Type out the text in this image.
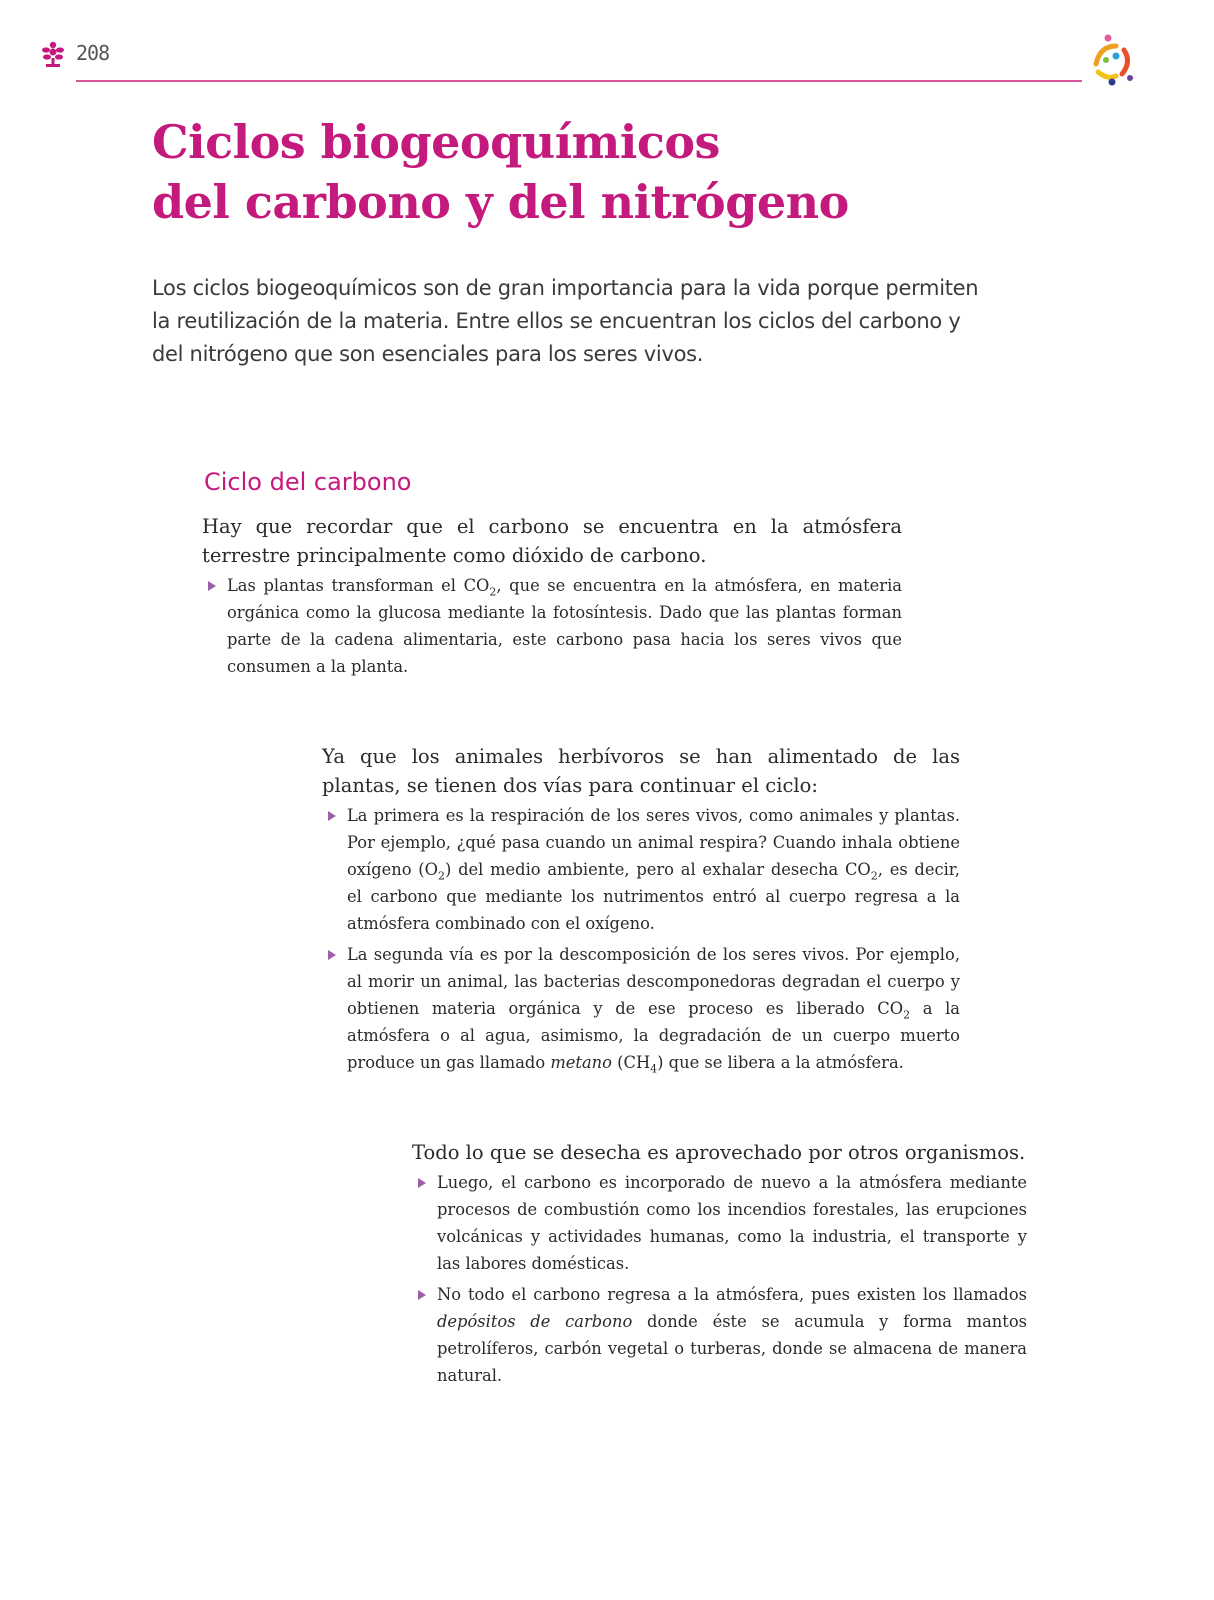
208
Ciclos biogeoquímicos
del carbono y del nitrógeno

Los ciclos biogeoquímicos son de gran importancia para la vida porque permiten la reutilización de la materia. Entre ellos se encuentran los ciclos del carbono y del nitrógeno que son esenciales para los seres vivos.

Ciclo del carbono

Hay que recordar que el carbono se encuentra en la atmósfera terrestre principalmente como dióxido de carbono.

Las plantas transforman el $CO_2$, que se encuentra en la atmósfera, en materia orgánica como la glucosa mediante la fotosíntesis. Dado que las plantas forman parte de la cadena alimentaria, este carbono pasa hacia los seres vivos que consumen a la planta.

Ya que los animales herbívoros se han alimentado de las plantas, se tienen dos vías para continuar el ciclo:

La primera es la respiración de los seres vivos, como animales y plantas. Por ejemplo, ¿qué pasa cuando un animal respira? Cuando inhala obtiene oxígeno $(O_2)$ del medio ambiente, pero al exhalar desecha $CO_2$, es decir, el carbono que mediante los nutrimentos entró al cuerpo regresa a la atmósfera combinado con el oxígeno.
La segunda vía es por la descomposición de los seres vivos. Por ejemplo, al morir un animal, las bacterias descomponedoras degradan el cuerpo y obtienen materia orgánica y de ese proceso es liberado $CO_2$ a la atmósfera o al agua, asimismo, la degradación de un cuerpo muerto produce un gas llamado metano $(CH_4)$ que se libera a la atmósfera.

Todo lo que se desecha es aprovechado por otros organismos.

Luego, el carbono es incorporado de nuevo a la atmósfera mediante procesos de combustión como los incendios forestales, las erupciones volcánicas y actividades humanas, como la industria, el transporte y las labores domésticas.
No todo el carbono regresa a la atmósfera, pues existen los llamados depósitos de carbono donde éste se acumula y forma mantos petrolíferos, carbón vegetal o turberas, donde se almacena de manera natural.
